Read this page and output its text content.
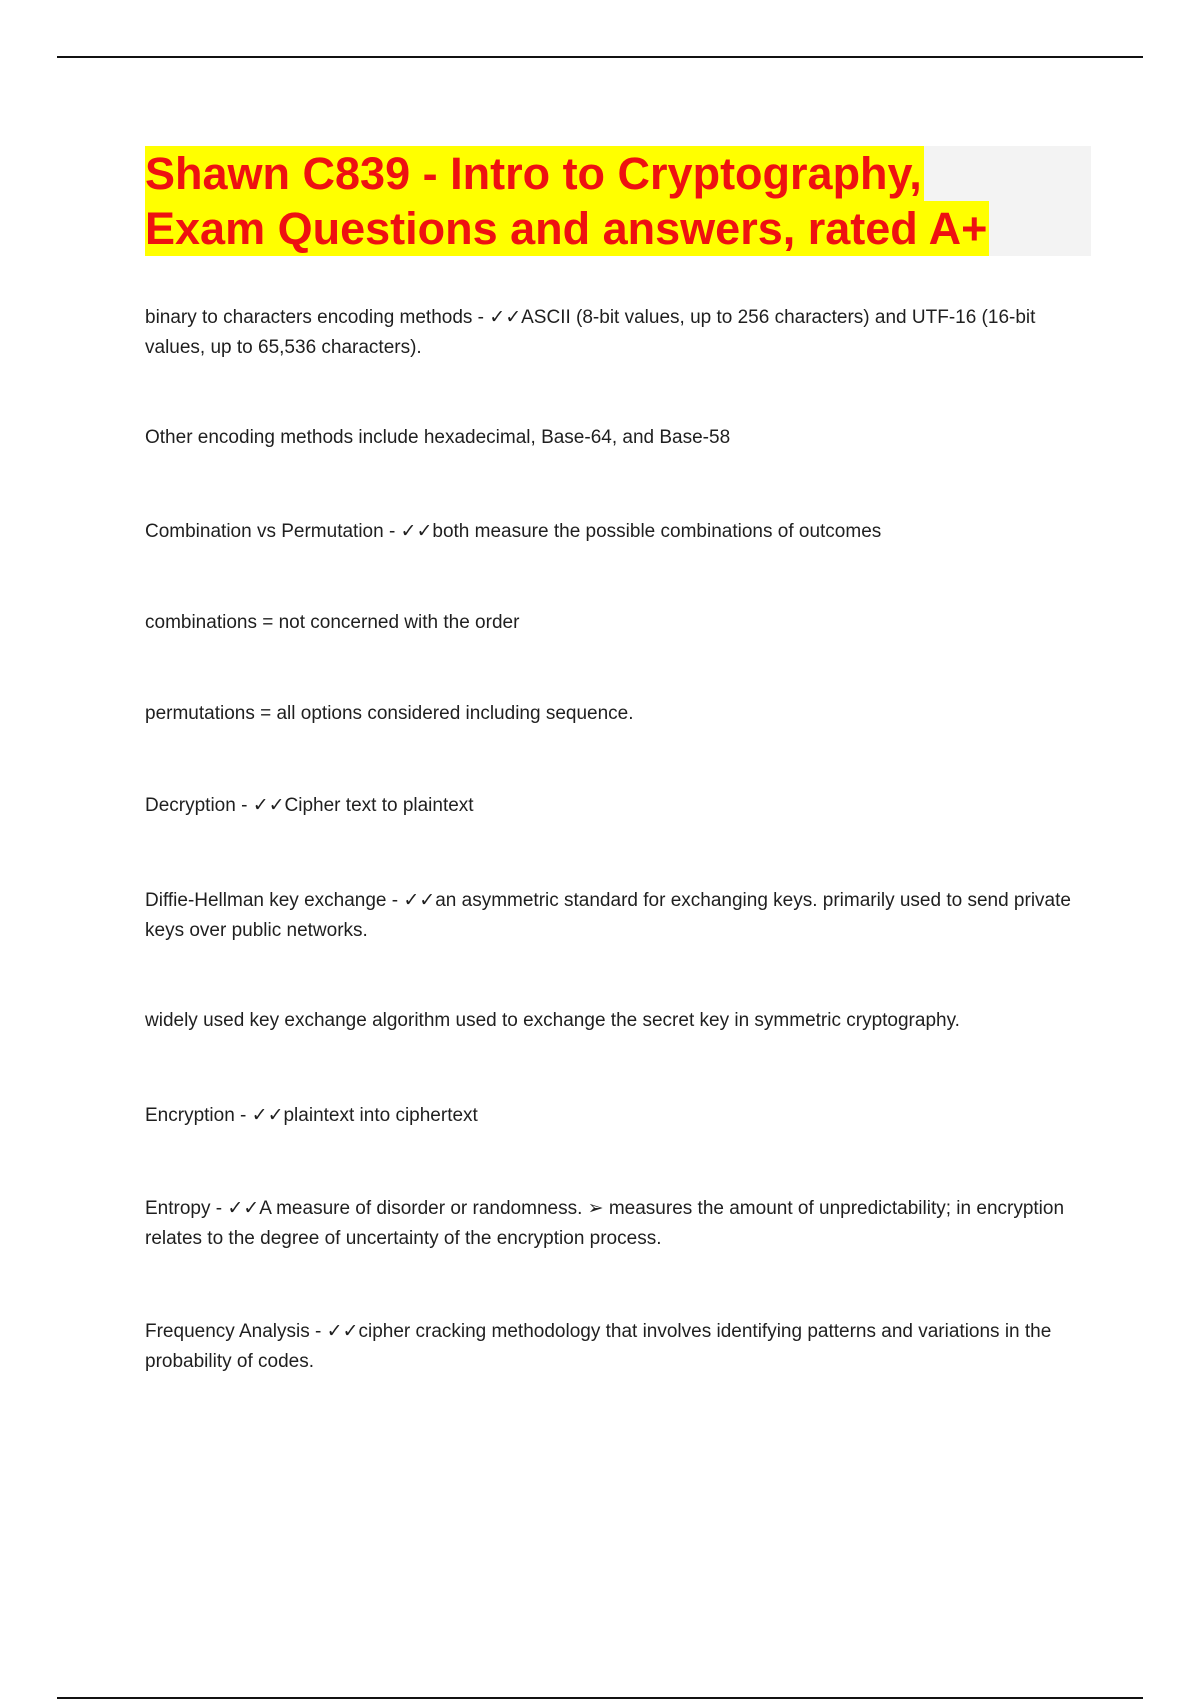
Shawn C839 - Intro to Cryptography,
Exam Questions and answers, rated A+

binary to characters encoding methods - ✓✓ASCII (8-bit values, up to 256 characters) and UTF-16 (16-bit values, up to 65,536 characters).

Other encoding methods include hexadecimal, Base-64, and Base-58

Combination vs Permutation - ✓✓both measure the possible combinations of outcomes

combinations = not concerned with the order

permutations = all options considered including sequence.

Decryption - ✓✓Cipher text to plaintext

Diffie-Hellman key exchange - ✓✓an asymmetric standard for exchanging keys. primarily used to send private keys over public networks.

widely used key exchange algorithm used to exchange the secret key in symmetric cryptography.

Encryption - ✓✓plaintext into ciphertext

Entropy - ✓✓A measure of disorder or randomness. ➢ measures the amount of unpredictability; in encryption relates to the degree of uncertainty of the encryption process.

Frequency Analysis - ✓✓cipher cracking methodology that involves identifying patterns and variations in the probability of codes.
